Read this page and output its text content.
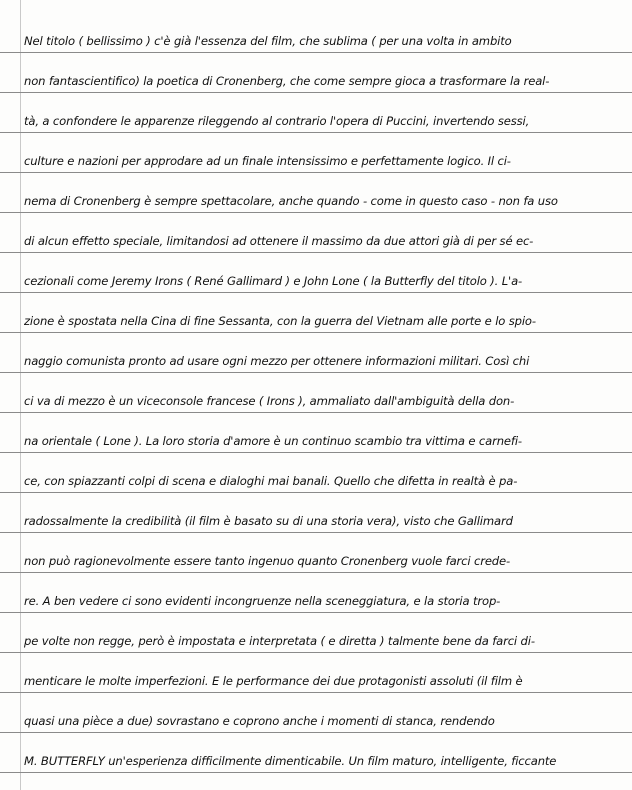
Nel titolo ( bellissimo ) c'è già l'essenza del film, che sublima ( per una volta in ambito
non fantascientifico) la poetica di Cronenberg, che come sempre gioca a trasformare la real-
tà, a confondere le apparenze rileggendo al contrario l'opera di Puccini, invertendo sessi,
culture e nazioni per approdare ad un finale intensissimo e perfettamente logico. Il ci-
nema di Cronenberg è sempre spettacolare, anche quando - come in questo caso - non fa uso
di alcun effetto speciale, limitandosi ad ottenere il massimo da due attori già di per sé ec-
cezionali come Jeremy Irons ( René Gallimard ) e John Lone ( la Butterfly del titolo ). L'a-
zione è spostata nella Cina di fine Sessanta, con la guerra del Vietnam alle porte e lo spio-
naggio comunista pronto ad usare ogni mezzo per ottenere informazioni militari. Così chi
ci va di mezzo è un viceconsole francese ( Irons ), ammaliato dall'ambiguità della don-
na orientale ( Lone ). La loro storia d'amore è un continuo scambio tra vittima e carnefi-
ce, con spiazzanti colpi di scena e dialoghi mai banali. Quello che difetta in realtà è pa-
radossalmente la credibilità (il film è basato su di una storia vera), visto che Gallimard
non può ragionevolmente essere tanto ingenuo quanto Cronenberg vuole farci crede-
re. A ben vedere ci sono evidenti incongruenze nella sceneggiatura, e la storia trop-
pe volte non regge, però è impostata e interpretata ( e diretta ) talmente bene da farci di-
menticare le molte imperfezioni. E le performance dei due protagonisti assoluti (il film è
quasi una pièce a due) sovrastano e coprono anche i momenti di stanca, rendendo
M. BUTTERFLY un'esperienza difficilmente dimenticabile. Un film maturo, intelligente, ficcante
